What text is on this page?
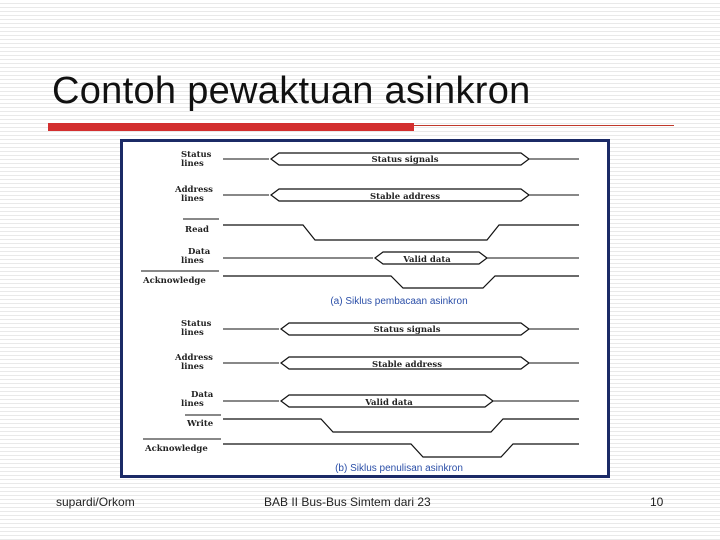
Contoh pewaktuan asinkron
Status
lines	Status signals
Address
lines	Stable address
Read
Data
lines	Valid data
Acknowledge
(a) Siklus pembacaan asinkron
Status
lines	Status signals
Address
lines	Stable address
Data
lines	Valid data
Write
Acknowledge
(b) Siklus penulisan asinkron
supardi/Orkom	BAB II Bus-Bus Simtem dari 23	10
